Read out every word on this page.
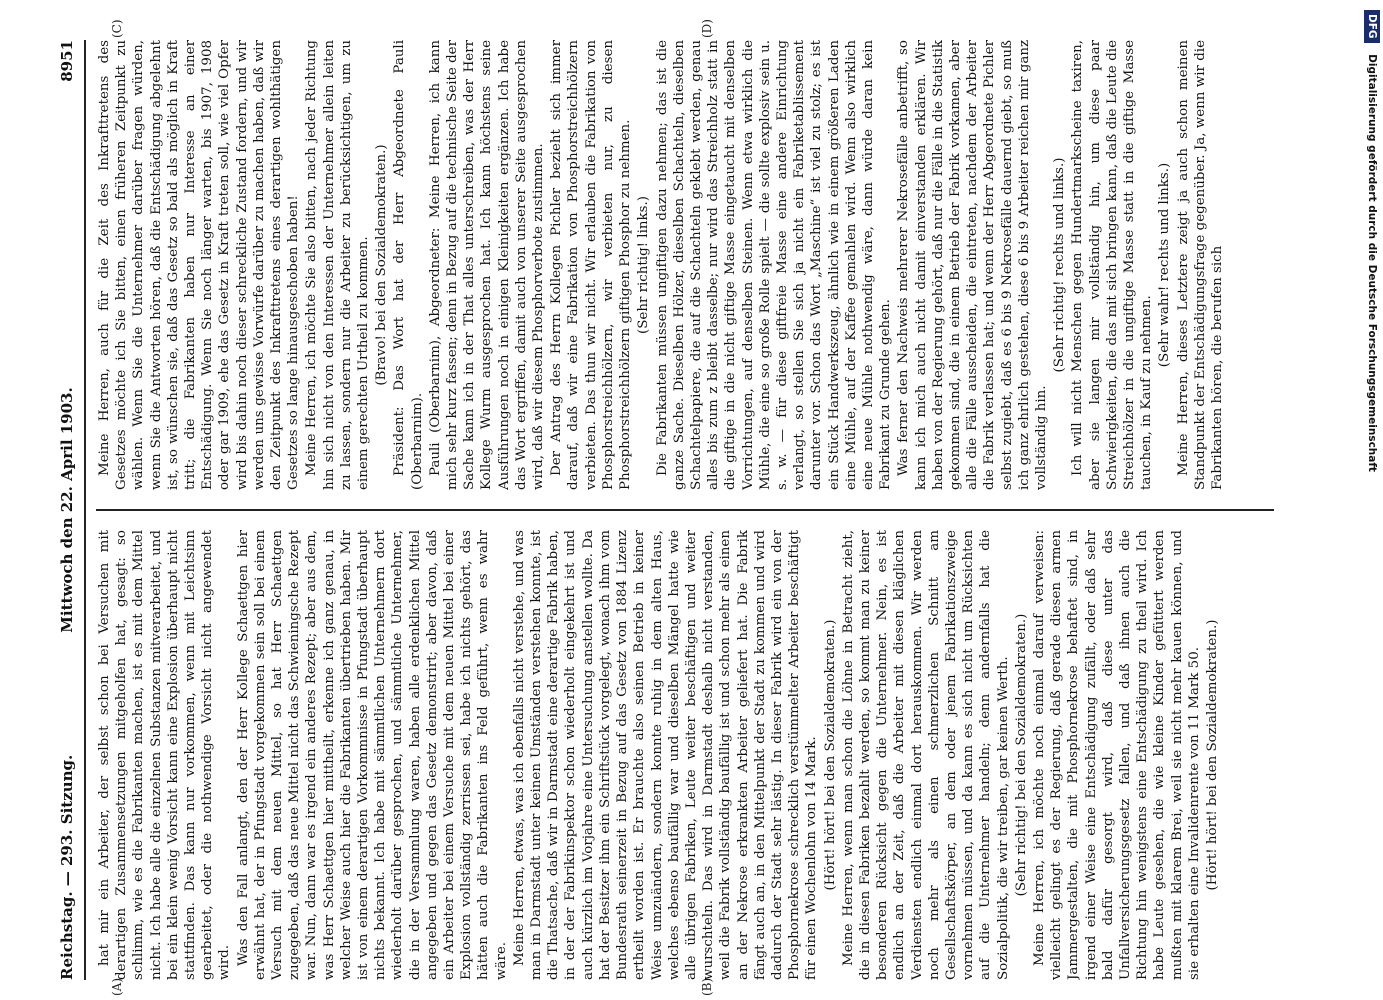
Reichstag. — 293. Sitzung.
Mittwoch den 22. April 1903.
8951
(A)	(B)
(C)	(D)

hat mir ein Arbeiter, der selbst schon bei Versuchen mit derartigen Zusammensetzungen mitgeholfen hat, gesagt: so schlimm, wie es die Fabrikanten machen, ist es mit dem Mittel nicht. Ich habe alle die einzelnen Substanzen mitverarbeitet, und bei ein klein wenig Vorsicht kann eine Explosion überhaupt nicht stattfinden. Das kann nur vorkommen, wenn mit Leichtsinn gearbeitet, oder die nothwendige Vorsicht nicht angewendet wird. Was den Fall anlangt, den der Herr Kollege Schaettgen hier erwähnt hat, der in Pfungstadt vorgekommen sein soll bei einem Versuch mit dem neuen Mittel, so hat Herr Schaettgen zugegeben, daß das neue Mittel nicht das Schwieningsche Rezept war. Nun, dann war es irgend ein anderes Rezept; aber aus dem, was Herr Schaettgen hier mittheilt, erkenne ich ganz genau, in welcher Weise auch hier die Fabrikanten übertrieben haben. Mir ist von einem derartigen Vorkommnisse in Pfungstadt überhaupt nichts bekannt. Ich habe mit sämmtlichen Unternehmern dort wiederholt darüber gesprochen, und sämmtliche Unternehmer, die in der Versammlung waren, haben alle erdenklichen Mittel angegeben und gegen das Gesetz demonstrirt; aber davon, daß ein Arbeiter bei einem Versuche mit dem neuen Mittel bei einer Explosion vollständig zerrissen sei, habe ich nichts gehört, das hätten auch die Fabrikanten ins Feld geführt, wenn es wahr wäre. Meine Herren, etwas, was ich ebenfalls nicht verstehe, und was man in Darmstadt unter keinen Umständen verstehen konnte, ist die Thatsache, daß wir in Darmstadt eine derartige Fabrik haben, in der der Fabrikinspektor schon wiederholt eingekehrt ist und auch kürzlich im Vorjahre eine Untersuchung anstellen wollte. Da hat der Besitzer ihm ein Schriftstück vorgelegt, wonach ihm vom Bundesrath seinerzeit in Bezug auf das Gesetz von 1884 Lizenz ertheilt worden ist. Er brauchte also seinen Betrieb in keiner Weise umzuändern, sondern konnte ruhig in dem alten Haus, welches ebenso baufällig war und dieselben Mängel hatte wie alle übrigen Fabriken, Leute weiter beschäftigen und weiter wurschteln. Das wird in Darmstadt deshalb nicht verstanden, weil die Fabrik vollständig baufällig ist und schon mehr als einen an der Nekrose erkrankten Arbeiter geliefert hat. Die Fabrik fängt auch an, in den Mittelpunkt der Stadt zu kommen und wird dadurch der Stadt sehr lästig. In dieser Fabrik wird ein von der Phosphornekrose schrecklich verstümmelter Arbeiter beschäftigt für einen Wochenlohn von 14 Mark. (Hört! hört! bei den Sozialdemokraten.) Meine Herren, wenn man schon die Löhne in Betracht zieht, die in diesen Fabriken bezahlt werden, so kommt man zu keiner besonderen Rücksicht gegen die Unternehmer. Nein, es ist endlich an der Zeit, daß die Arbeiter mit diesen kläglichen Verdiensten endlich einmal dort herauskommen. Wir werden noch mehr als einen schmerzlichen Schnitt am Gesellschaftskörper, an dem oder jenem Fabrikationszweige vornehmen müssen, und da kann es sich nicht um Rücksichten auf die Unternehmer handeln; denn andernfalls hat die Sozialpolitik, die wir treiben, gar keinen Werth. (Sehr richtig! bei den Sozialdemokraten.) Meine Herren, ich möchte noch einmal darauf verweisen: vielleicht gelingt es der Regierung, daß gerade diesen armen Jammergestalten, die mit Phosphornekrose behaftet sind, in irgend einer Weise eine Entschädigung zufällt, oder daß sehr bald dafür gesorgt wird, daß diese unter das Unfallversicherungsgesetz fallen, und daß ihnen auch die Richtung hin wenigstens eine Entschädigung zu theil wird. Ich habe Leute gesehen, die wie kleine Kinder gefüttert werden mußten mit klarem Brei, weil sie nicht mehr kauen können, und sie erhalten eine Invalidenrente von 11 Mark 50. (Hört! hört! bei den Sozialdemokraten.)

Meine Herren, auch für die Zeit des Inkrafttretens des Gesetzes möchte ich Sie bitten, einen früheren Zeitpunkt zu wählen. Wenn Sie die Unternehmer darüber fragen würden, wenn Sie die Antworten hören, daß die Entschädigung abgelehnt ist, so wünschen sie, daß das Gesetz so bald als möglich in Kraft tritt; die Fabrikanten haben nur Interesse an einer Entschädigung. Wenn Sie noch länger warten, bis 1907, 1908 oder gar 1909, ehe das Gesetz in Kraft treten soll, wie viel Opfer wird bis dahin noch dieser schreckliche Zustand fordern, und wir werden uns gewisse Vorwürfe darüber zu machen haben, daß wir den Zeitpunkt des Inkrafttretens eines derartigen wohlthätigen Gesetzes so lange hinausgeschoben haben! Meine Herren, ich möchte Sie also bitten, nach jeder Richtung hin sich nicht von den Interessen der Unternehmer allein leiten zu lassen, sondern nur die Arbeiter zu berücksichtigen, um zu einem gerechten Urtheil zu kommen. (Bravo! bei den Sozialdemokraten.) Präsident: Das Wort hat der Herr Abgeordnete Pauli (Oberbarnim). Pauli (Oberbarnim), Abgeordneter: Meine Herren, ich kann mich sehr kurz fassen; denn in Bezug auf die technische Seite der Sache kann ich in der That alles unterschreiben, was der Herr Kollege Wurm ausgesprochen hat. Ich kann höchstens seine Ausführungen noch in einigen Kleinigkeiten ergänzen. Ich habe das Wort ergriffen, damit auch von unserer Seite ausgesprochen wird, daß wir diesem Phosphorverbote zustimmen. Der Antrag des Herrn Kollegen Pichler bezieht sich immer darauf, daß wir eine Fabrikation von Phosphorstreichhölzern verbieten. Das thun wir nicht. Wir erlauben die Fabrikation von Phosphorstreichhölzern, wir verbieten nur, zu diesen Phosphorstreichhölzern giftigen Phosphor zu nehmen. (Sehr richtig! links.) Die Fabrikanten müssen ungiftigen dazu nehmen; das ist die ganze Sache. Dieselben Hölzer, dieselben Schachteln, dieselben Schachtelpapiere, die auf die Schachteln geklebt werden, genau alles bis zum z bleibt dasselbe; nur wird das Streichholz statt in die giftige in die nicht giftige Masse eingetaucht mit denselben Vorrichtungen, auf denselben Steinen. Wenn etwa wirklich die Mühle, die eine so große Rolle spielt — die sollte explosiv sein u. s. w. — für diese giftfreie Masse eine andere Einrichtung verlangt, so stellen Sie sich ja nicht ein Fabriketablissement darunter vor. Schon das Wort „Maschine“ ist viel zu stolz; es ist ein Stück Handwerkszeug, ähnlich wie in einem größeren Laden eine Mühle, auf der Kaffee gemahlen wird. Wenn also wirklich eine neue Mühle nothwendig wäre, dann würde daran kein Fabrikant zu Grunde gehen. Was ferner den Nachweis mehrerer Nekrosefälle anbetrifft, so kann ich mich auch nicht damit einverstanden erklären. Wir haben von der Regierung gehört, daß nur die Fälle in die Statistik gekommen sind, die in einem Betrieb der Fabrik vorkamen, aber alle die Fälle ausscheiden, die eintreten, nachdem der Arbeiter die Fabrik verlassen hat; und wenn der Herr Abgeordnete Pichler selbst zugiebt, daß es 6 bis 9 Nekrosefälle dauernd giebt, so muß ich ganz ehrlich gestehen, diese 6 bis 9 Arbeiter reichen mir ganz vollständig hin.

(Sehr richtig! rechts und links.) Ich will nicht Menschen gegen Hundertmarkscheine taxiren, aber sie langen mir vollständig hin, um diese paar Schwierigkeiten, die das mit sich bringen kann, daß die Leute die Streichhölzer in die ungiftige Masse statt in die giftige Masse tauchen, in Kauf zu nehmen.

(Sehr wahr! rechts und links.) Meine Herren, dieses Letztere zeigt ja auch schon meinen Standpunkt der Entschädigungsfrage gegenüber. Ja, wenn wir die Fabrikanten hören, die berufen sich

DFG Digitalisierung gefördert durch die Deutsche Forschungsgemeinschaft
